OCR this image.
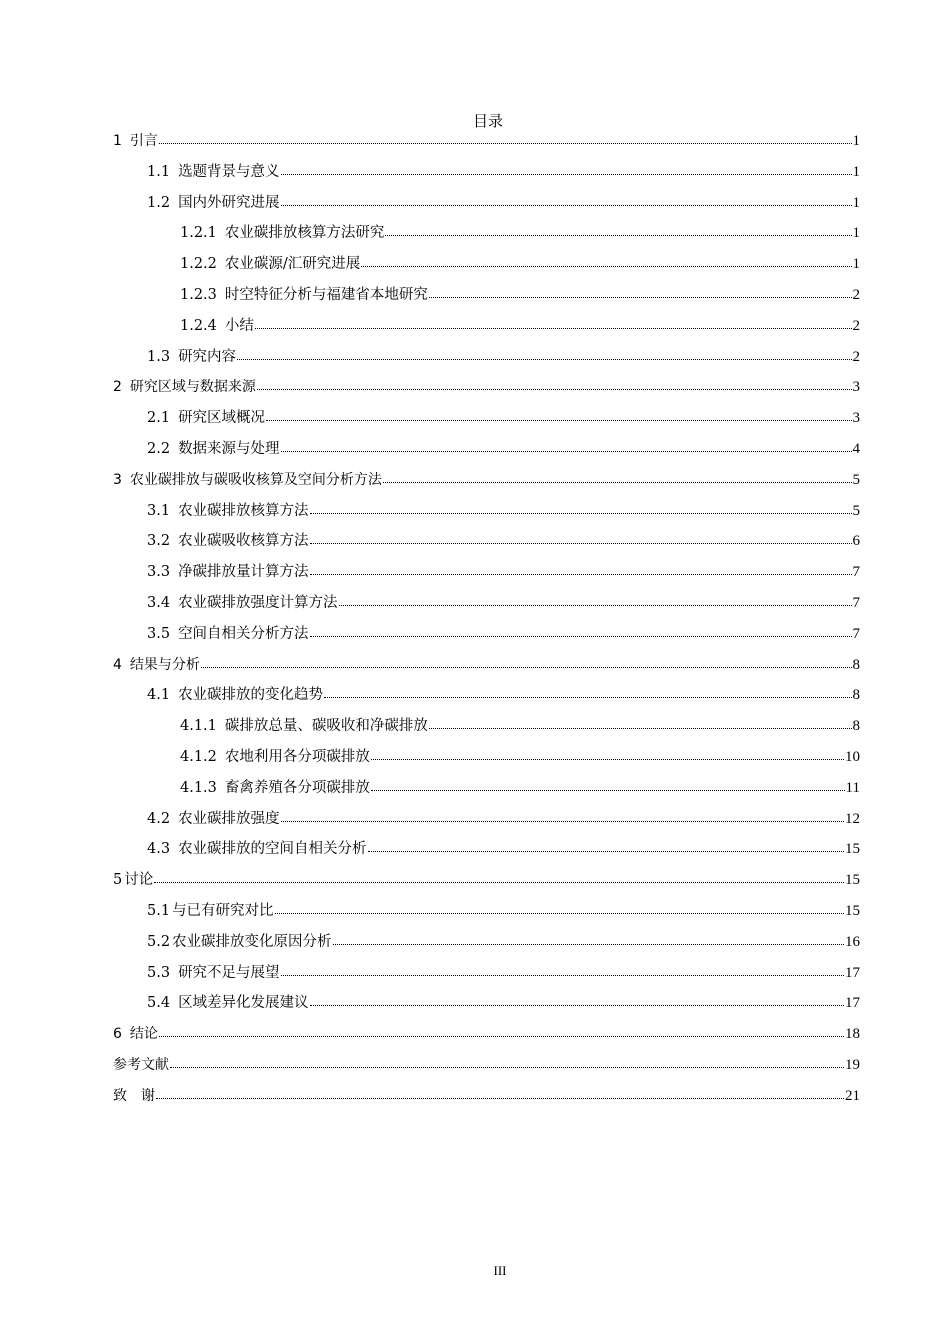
目录
1 引言	1
1.1 选题背景与意义	1
1.2 国内外研究进展	1
1.2.1 农业碳排放核算方法研究	1
1.2.2 农业碳源/汇研究进展	1
1.2.3 时空特征分析与福建省本地研究	2
1.2.4 小结	2
1.3 研究内容	2
2 研究区域与数据来源	3
2.1 研究区域概况	3
2.2 数据来源与处理	4
3 农业碳排放与碳吸收核算及空间分析方法	5
3.1 农业碳排放核算方法	5
3.2 农业碳吸收核算方法	6
3.3 净碳排放量计算方法	7
3.4 农业碳排放强度计算方法	7
3.5 空间自相关分析方法	7
4 结果与分析	8
4.1 农业碳排放的变化趋势	8
4.1.1 碳排放总量、碳吸收和净碳排放	8
4.1.2 农地利用各分项碳排放	10
4.1.3 畜禽养殖各分项碳排放	11
4.2 农业碳排放强度	12
4.3 农业碳排放的空间自相关分析	15
5 讨论	15
5.1 与已有研究对比	15
5.2 农业碳排放变化原因分析	16
5.3 研究不足与展望	17
5.4 区域差异化发展建议	17
6 结论	18
参考文献	19
致　谢	21
III
